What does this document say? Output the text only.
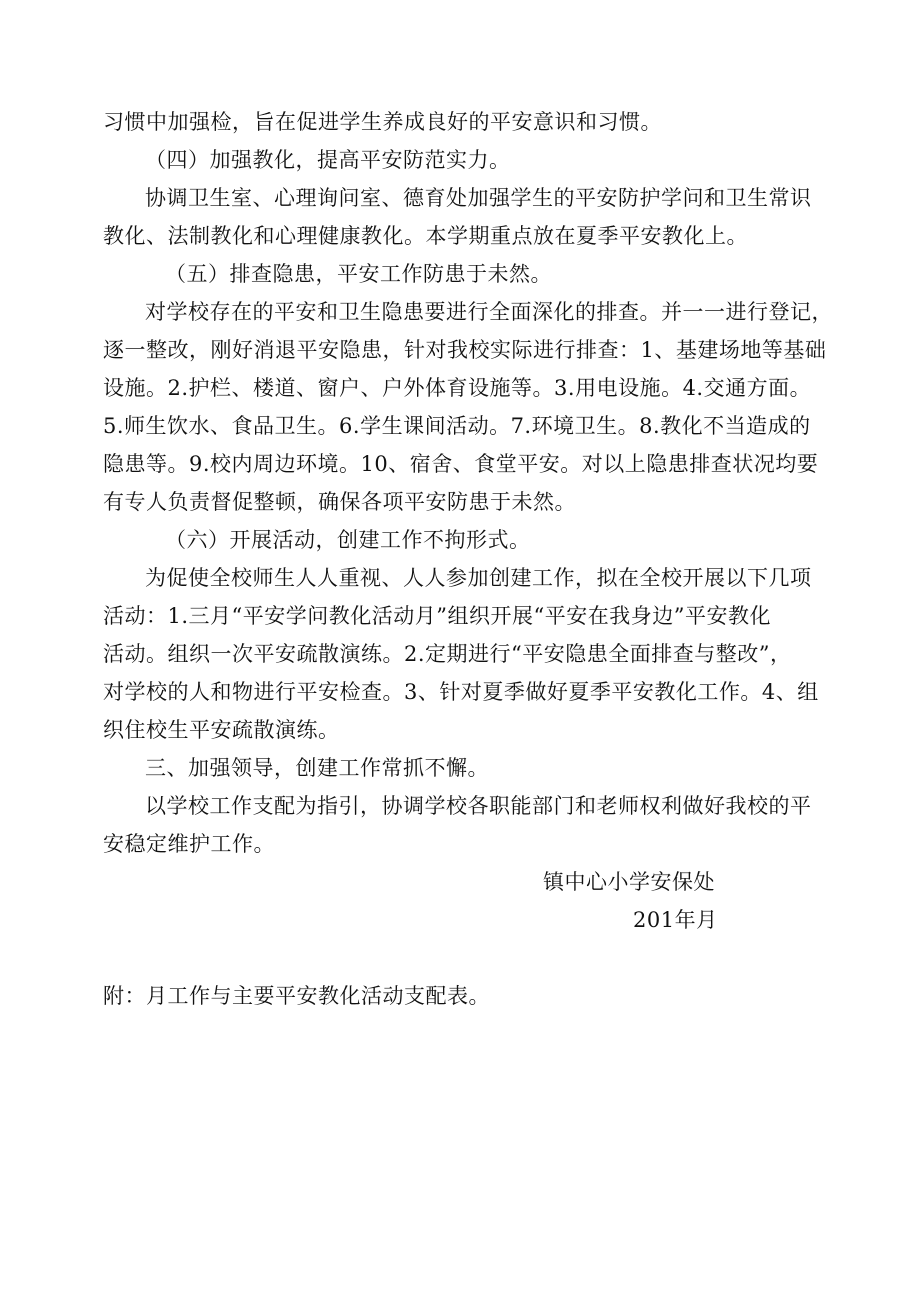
习惯中加强检，旨在促进学生养成良好的平安意识和习惯。
（四）加强教化，提高平安防范实力。
协调卫生室、心理询问室、德育处加强学生的平安防护学问和卫生常识
教化、法制教化和心理健康教化。本学期重点放在夏季平安教化上。
（五）排查隐患，平安工作防患于未然。
对学校存在的平安和卫生隐患要进行全面深化的排查。并一一进行登记，
逐一整改，刚好消退平安隐患，针对我校实际进行排查：1、基建场地等基础
设施。2.护栏、楼道、窗户、户外体育设施等。3.用电设施。4.交通方面。
5.师生饮水、食品卫生。6.学生课间活动。7.环境卫生。8.教化不当造成的
隐患等。9.校内周边环境。10、宿舍、食堂平安。对以上隐患排查状况均要
有专人负责督促整顿，确保各项平安防患于未然。
（六）开展活动，创建工作不拘形式。
为促使全校师生人人重视、人人参加创建工作，拟在全校开展以下几项
活动：1.三月“平安学问教化活动月”组织开展“平安在我身边”平安教化
活动。组织一次平安疏散演练。2.定期进行“平安隐患全面排查与整改”，
对学校的人和物进行平安检查。3、针对夏季做好夏季平安教化工作。4、组
织住校生平安疏散演练。
三、加强领导，创建工作常抓不懈。
以学校工作支配为指引，协调学校各职能部门和老师权利做好我校的平
安稳定维护工作。
镇中心小学安保处
201年月
附：月工作与主要平安教化活动支配表。
